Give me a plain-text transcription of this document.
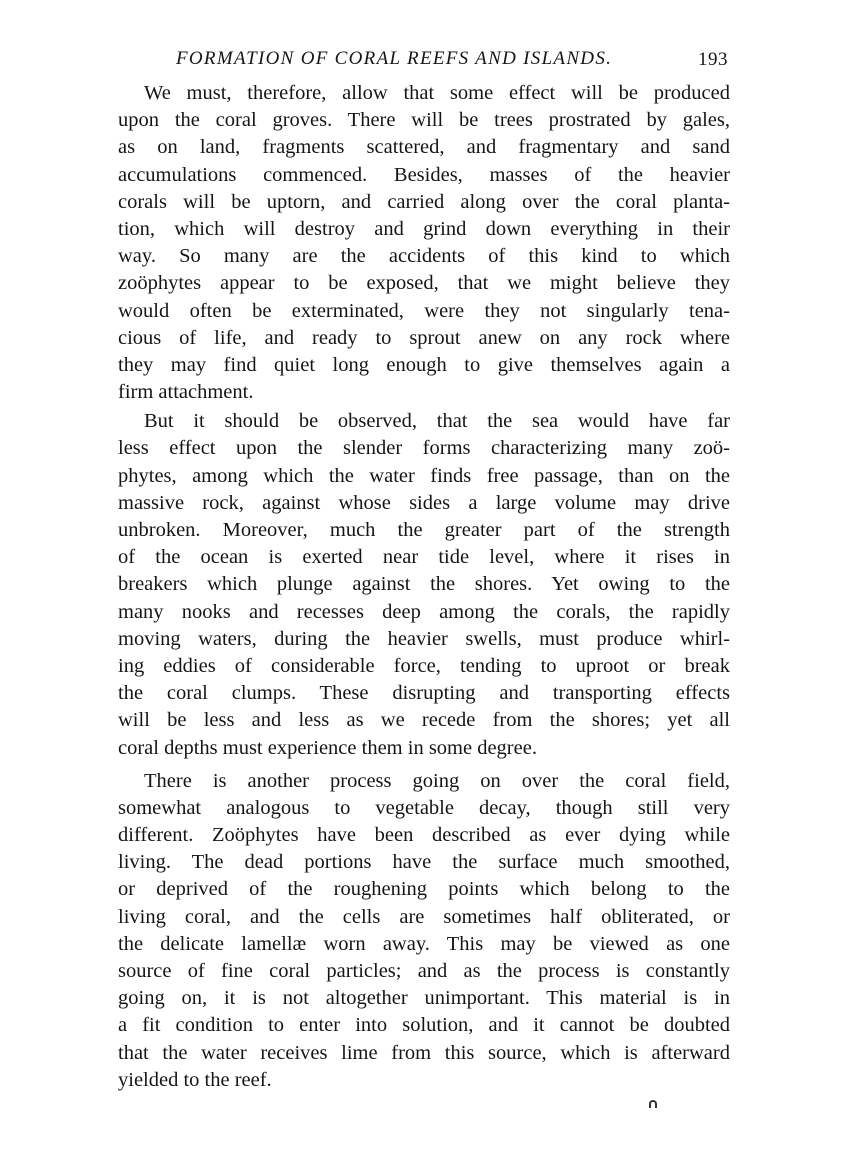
FORMATION OF CORAL REEFS AND ISLANDS.	193

We must, therefore, allow that some effect will be produced
upon the coral groves. There will be trees prostrated by gales,
as on land, fragments scattered, and fragmentary and sand
accumulations commenced. Besides, masses of the heavier
corals will be uptorn, and carried along over the coral planta-
tion, which will destroy and grind down everything in their
way. So many are the accidents of this kind to which
zoöphytes appear to be exposed, that we might believe they
would often be exterminated, were they not singularly tena-
cious of life, and ready to sprout anew on any rock where
they may find quiet long enough to give themselves again a
firm attachment.

But it should be observed, that the sea would have far
less effect upon the slender forms characterizing many zoö-
phytes, among which the water finds free passage, than on the
massive rock, against whose sides a large volume may drive
unbroken. Moreover, much the greater part of the strength
of the ocean is exerted near tide level, where it rises in
breakers which plunge against the shores. Yet owing to the
many nooks and recesses deep among the corals, the rapidly
moving waters, during the heavier swells, must produce whirl-
ing eddies of considerable force, tending to uproot or break
the coral clumps. These disrupting and transporting effects
will be less and less as we recede from the shores; yet all
coral depths must experience them in some degree.

There is another process going on over the coral field,
somewhat analogous to vegetable decay, though still very
different. Zoöphytes have been described as ever dying while
living. The dead portions have the surface much smoothed,
or deprived of the roughening points which belong to the
living coral, and the cells are sometimes half obliterated, or
the delicate lamellæ worn away. This may be viewed as one
source of fine coral particles; and as the process is constantly
going on, it is not altogether unimportant. This material is in
a fit condition to enter into solution, and it cannot be doubted
that the water receives lime from this source, which is afterward
yielded to the reef.
